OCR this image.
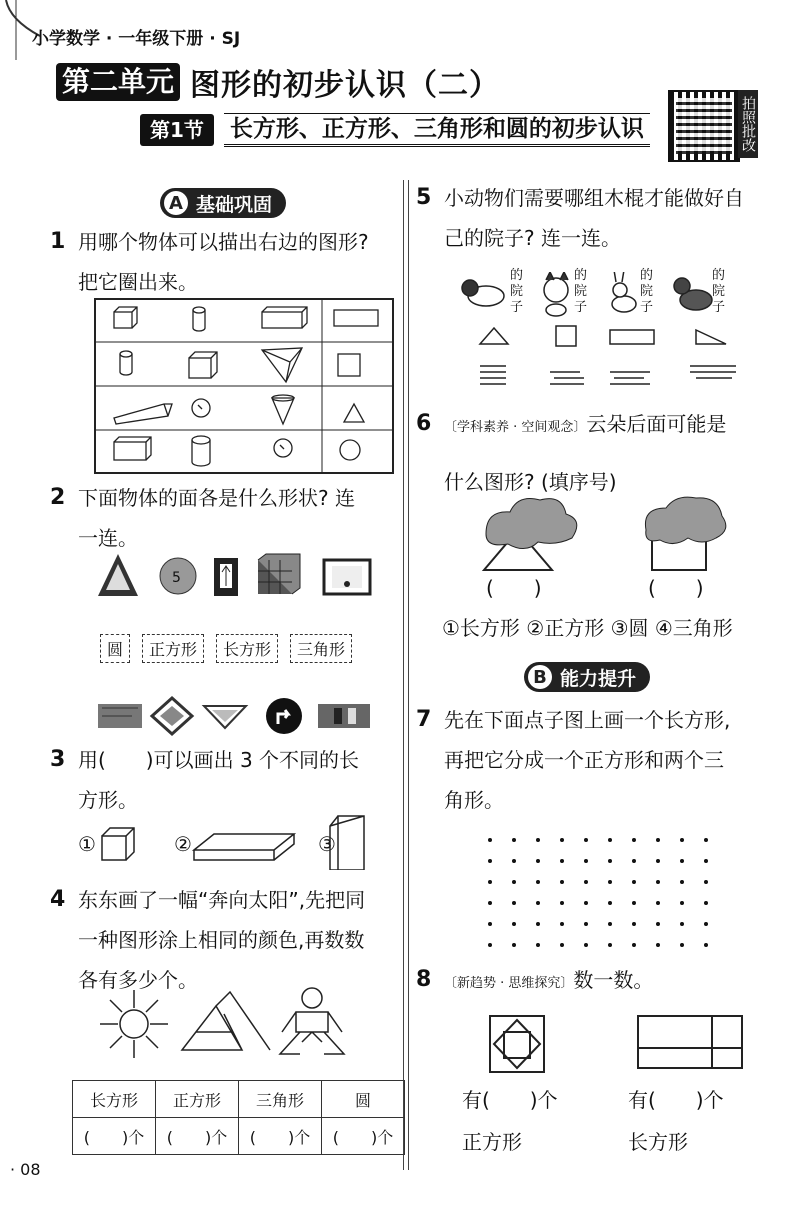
小学数学 · 一年级下册 · SJ
第二单元 图形的初步认识（二）
第1节	长方形、正方形、三角形和圆的初步认识	拍照批改
A 基础巩固
1 用哪个物体可以描出右边的图形?
把它圈出来。
2 下面物体的面各是什么形状? 连
一连。
5
圆	正方形	长方形	三角形
3 用(　　)可以画出 3 个不同的长
方形。
①	②	③
4 东东画了一幅“奔向太阳”,先把同
一种图形涂上相同的颜色,再数数
各有多少个。
长方形	正方形	三角形	圆
(　　)个	(　　)个	(　　)个	(　　)个
5 小动物们需要哪组木棍才能做好自
己的院子? 连一连。
的院子
的院子
的院子
的院子
6 〔学科素养 · 空间观念〕云朵后面可能是
什么图形? (填序号)
(　　)	(　　)
①长方形 ②正方形 ③圆 ④三角形
B 能力提升
7 先在下面点子图上画一个长方形,
再把它分成一个正方形和两个三
角形。
8 〔新趋势 · 思维探究〕数一数。
有(　　)个
正方形
有(　　)个
长方形
· 08
